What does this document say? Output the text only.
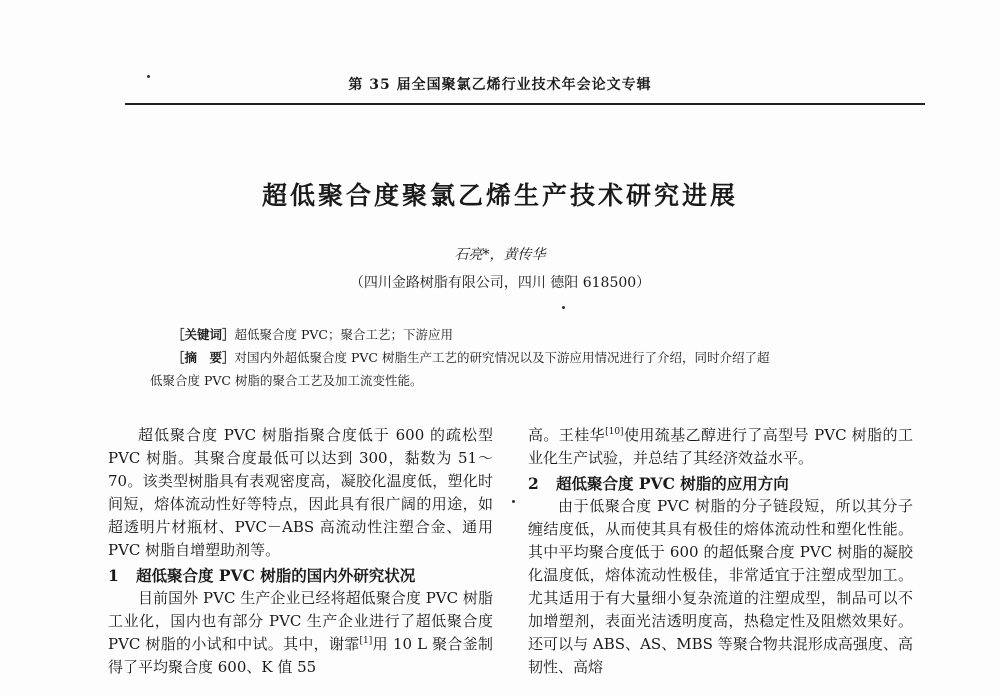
第 35 届全国聚氯乙烯行业技术年会论文专辑
超低聚合度聚氯乙烯生产技术研究进展
石亮*，黄传华
（四川金路树脂有限公司，四川 德阳 618500）
［关键词］超低聚合度 PVC；聚合工艺；下游应用
［摘　要］对国内外超低聚合度 PVC 树脂生产工艺的研究情况以及下游应用情况进行了介绍，同时介绍了超
低聚合度 PVC 树脂的聚合工艺及加工流变性能。

超低聚合度 PVC 树脂指聚合度低于 600 的疏松型 PVC 树脂。其聚合度最低可以达到 300，黏数为 51～70。该类型树脂具有表观密度高，凝胶化温度低，塑化时间短，熔体流动性好等特点，因此具有很广阔的用途，如超透明片材瓶材、PVC－ABS 高流动性注塑合金、通用 PVC 树脂自增塑助剂等。

1 超低聚合度 PVC 树脂的国内外研究状况

目前国外 PVC 生产企业已经将超低聚合度 PVC 树脂工业化，国内也有部分 PVC 生产企业进行了超低聚合度 PVC 树脂的小试和中试。其中，谢霏[1]用 10 L 聚合釜制得了平均聚合度 600、K 值 55

高。王桂华[10]使用巯基乙醇进行了高型号 PVC 树脂的工业化生产试验，并总结了其经济效益水平。

2 超低聚合度 PVC 树脂的应用方向

由于低聚合度 PVC 树脂的分子链段短，所以其分子缠结度低，从而使其具有极佳的熔体流动性和塑化性能。其中平均聚合度低于 600 的超低聚合度 PVC 树脂的凝胶化温度低，熔体流动性极佳，非常适宜于注塑成型加工。尤其适用于有大量细小复杂流道的注塑成型，制品可以不加增塑剂，表面光洁透明度高，热稳定性及阻燃效果好。还可以与 ABS、AS、MBS 等聚合物共混形成高强度、高韧性、高熔
